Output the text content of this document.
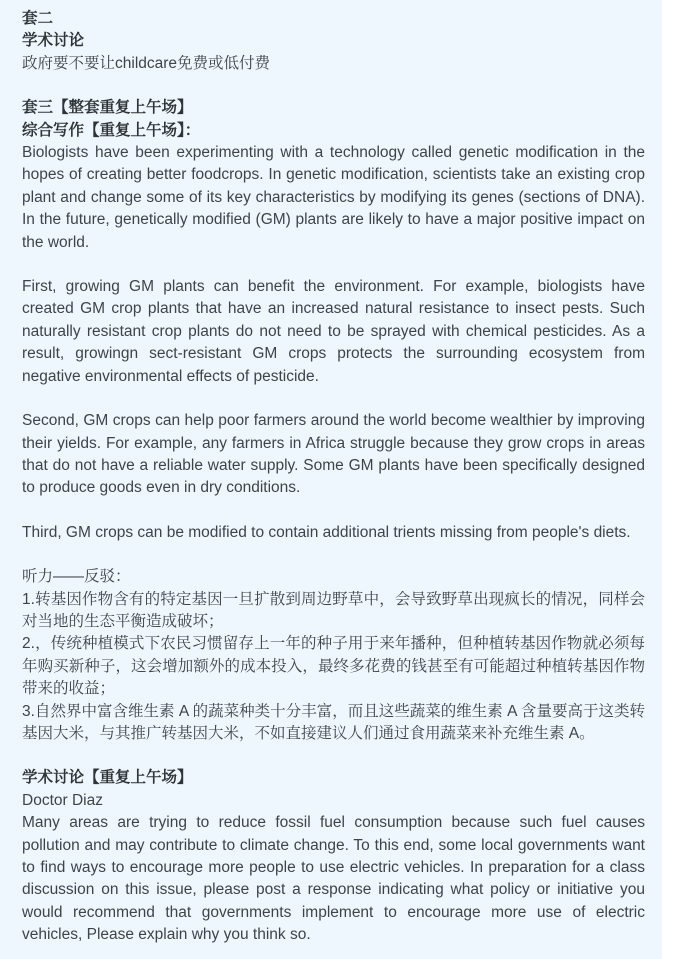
套二

学术讨论

政府要不要让childcare免费或低付费

套三【整套重复上午场】

综合写作【重复上午场】：

Biologists have been experimenting with a technology called genetic modification in the hopes of creating better foodcrops. In genetic modification, scientists take an existing crop plant and change some of its key characteristics by modifying its genes (sections of DNA). In the future, genetically modified (GM) plants are likely to have a major positive impact on the world.

First, growing GM plants can benefit the environment. For example, biologists have created GM crop plants that have an increased natural resistance to insect pests. Such naturally resistant crop plants do not need to be sprayed with chemical pesticides. As a result, growingn sect-resistant GM crops protects the surrounding ecosystem from negative environmental effects of pesticide.

Second, GM crops can help poor farmers around the world become wealthier by improving their yields. For example, any farmers in Africa struggle because they grow crops in areas that do not have a reliable water supply. Some GM plants have been specifically designed to produce goods even in dry conditions.

Third, GM crops can be modified to contain additional trients missing from people's diets.

听力——反驳：

1.转基因作物含有的特定基因一旦扩散到周边野草中，会导致野草出现疯长的情况，同样会对当地的生态平衡造成破坏；

2.，传统种植模式下农民习惯留存上一年的种子用于来年播种，但种植转基因作物就必须每年购买新种子，这会增加额外的成本投入，最终多花费的钱甚至有可能超过种植转基因作物带来的收益；

3.自然界中富含维生素 A 的蔬菜种类十分丰富，而且这些蔬菜的维生素 A 含量要高于这类转基因大米，与其推广转基因大米，不如直接建议人们通过食用蔬菜来补充维生素 A。

学术讨论【重复上午场】

Doctor Diaz

Many areas are trying to reduce fossil fuel consumption because such fuel causes pollution and may contribute to climate change. To this end, some local governments want to find ways to encourage more people to use electric vehicles. In preparation for a class discussion on this issue, please post a response indicating what policy or initiative you would recommend that governments implement to encourage more use of electric vehicles, Please explain why you think so.
